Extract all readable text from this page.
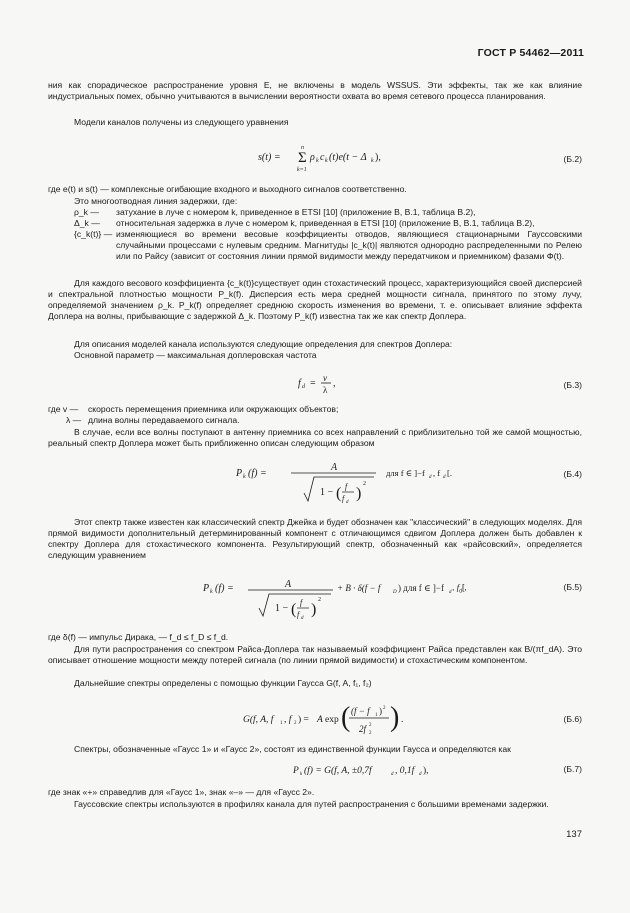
ГОСТ Р 54462—2011
ния как спорадическое распространение уровня E, не включены в модель WSSUS. Эти эффекты, так же как влияние индустриальных помех, обычно учитываются в вычислении вероятности охвата во время сетевого процесса планирования.
Модели каналов получены из следующего уравнения
s(t) = Σ
n
k=1
ρ k c k (t)e(t − Δ k ),	(Б.2)
где e(t) и s(t) — комплексные огибающие входного и выходного сигналов соответственно.
Это многоотводная линия задержки, где:
ρ_k —	затухание в луче с номером k, приведенное в ETSI [10] (приложение В, В.1, таблица В.2),
Δ_k —	относительная задержка в луче с номером k, приведенная в ETSI [10] (приложение В, В.1, таблица В.2),
{c_k(t)} — изменяющиеся во времени весовые коэффициенты отводов, являющиеся стационарными Гауссовскими случайными процессами с нулевым средним. Магнитуды |c_k(t)| являются однородно распределенными по Релею или по Райсу (зависит от состояния линии прямой видимости между передатчиком и приемником) фазами Φ(t).
Для каждого весового коэффициента {c_k(t)}существует один стохастический процесс, характеризующийся своей дисперсией и спектральной плотностью мощности P_k(f). Дисперсия есть мера средней мощности сигнала, принятого по этому лучу, определяемой значением ρ_k. P_k(f) определяет среднюю скорость изменения во времени, т. е. описывает влияние эффекта Доплера на волны, прибывающие с задержкой Δ_k. Поэтому P_k(f) известна так же как спектр Доплера.
Для описания моделей канала используются следующие определения для спектров Доплера:
Основной параметр — максимальная доплеровская частота
f d = v
λ
,	(Б.3)
где v —	скорость перемещения приемника или окружающих объектов;
λ — длина волны передаваемого сигнала.
В случае, если все волны поступают в антенну приемника со всех направлений с приблизительно той же самой мощностью, реальный спектр Доплера может быть приближенно описан следующим образом
P k (f) =
A
1 − ( f
f d
)
2
для f ∈ ]−f d , f d [.	(Б.4)
Этот спектр также известен как классический спектр Джейка и будет обозначен как "классический" в следующих моделях. Для прямой видимости дополнительный детерминированный компонент с отличающимся сдвигом Доплера должен быть добавлен к спектру Доплера для стохастического компонента. Результирующий спектр, обозначенный как «райсовский», определяется следующим уравнением
P k (f) =	A
1 − ( f
f d
)
2
+ B · δ(f − f	D ) для f ∈ ]−f d
, $f_d$[,	(Б.5)
где δ(f) — импульс Дирака, — f_d ≤ f_D ≤ f_d.
Для пути распространения со спектром Райса-Доплера так называемый коэффициент Райса представлен как B/(πf_dA). Это описывает отношение мощности между потерей сигнала (по линии прямой видимости) и стохастическим компонентом.
Дальнейшие спектры определены с помощью функции Гаусса G(f, A, f₁, f₂)
G(f, A, f 1 , f 2 ) = A exp ( (f − f 1 ) 2
2f 2
2
) .	(Б.6)
Спектры, обозначенные «Гаусс 1» и «Гаусс 2», состоят из единственной функции Гаусса и определяются как
P k (f) = G(f, A, ±0,7f	d , 0,1f d ),	(Б.7)
где знак «+» справедлив для «Гаусс 1», знак «–» — для «Гаусс 2».
Гауссовские спектры используются в профилях канала для путей распространения с большими временами задержки.
137
